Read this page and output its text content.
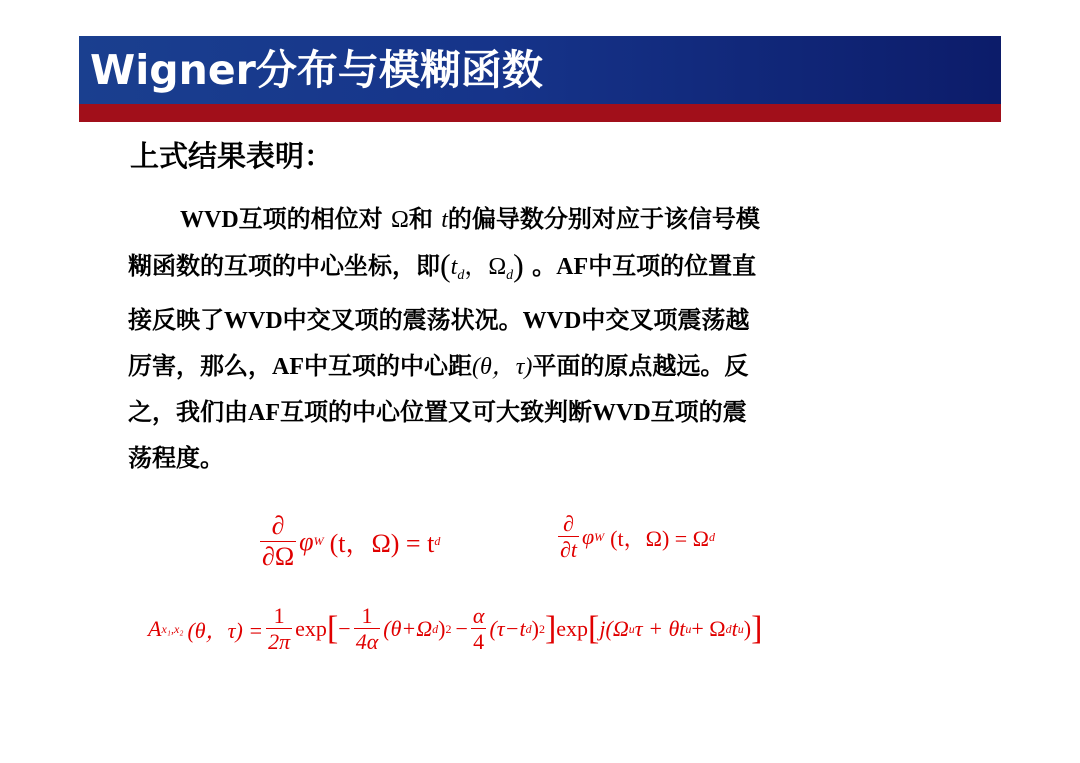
Wigner分布与模糊函数
上式结果表明：
WVD互项的相位对 Ω和 t的偏导数分别对应于该信号模
糊函数的互项的中心坐标，即($t_d$，$\Omega_d$) 。AF中互项的位置直
接反映了WVD中交叉项的震荡状况。WVD中交叉项震荡越
厉害，那么，AF中互项的中心距(θ，τ)平面的原点越远。反
之，我们由AF互项的中心位置又可大致判断WVD互项的震
荡程度。
$\frac{\partial}{\partial\Omega}$ φ W (t，Ω) = t d	$\frac{\partial}{\partial t}$ φ W (t，Ω) = Ω d
A x₁,x₂ (θ，$\tau) = \frac{1}{2\pi}$ exp [ − $\frac{1}{4\alpha} (\theta+\Omega$ d ) $2 - \frac{\alpha}{4} (\tau-t$ d ) 2 ] exp [ j (Ω u τ + θt u + Ω d t u ) ]
